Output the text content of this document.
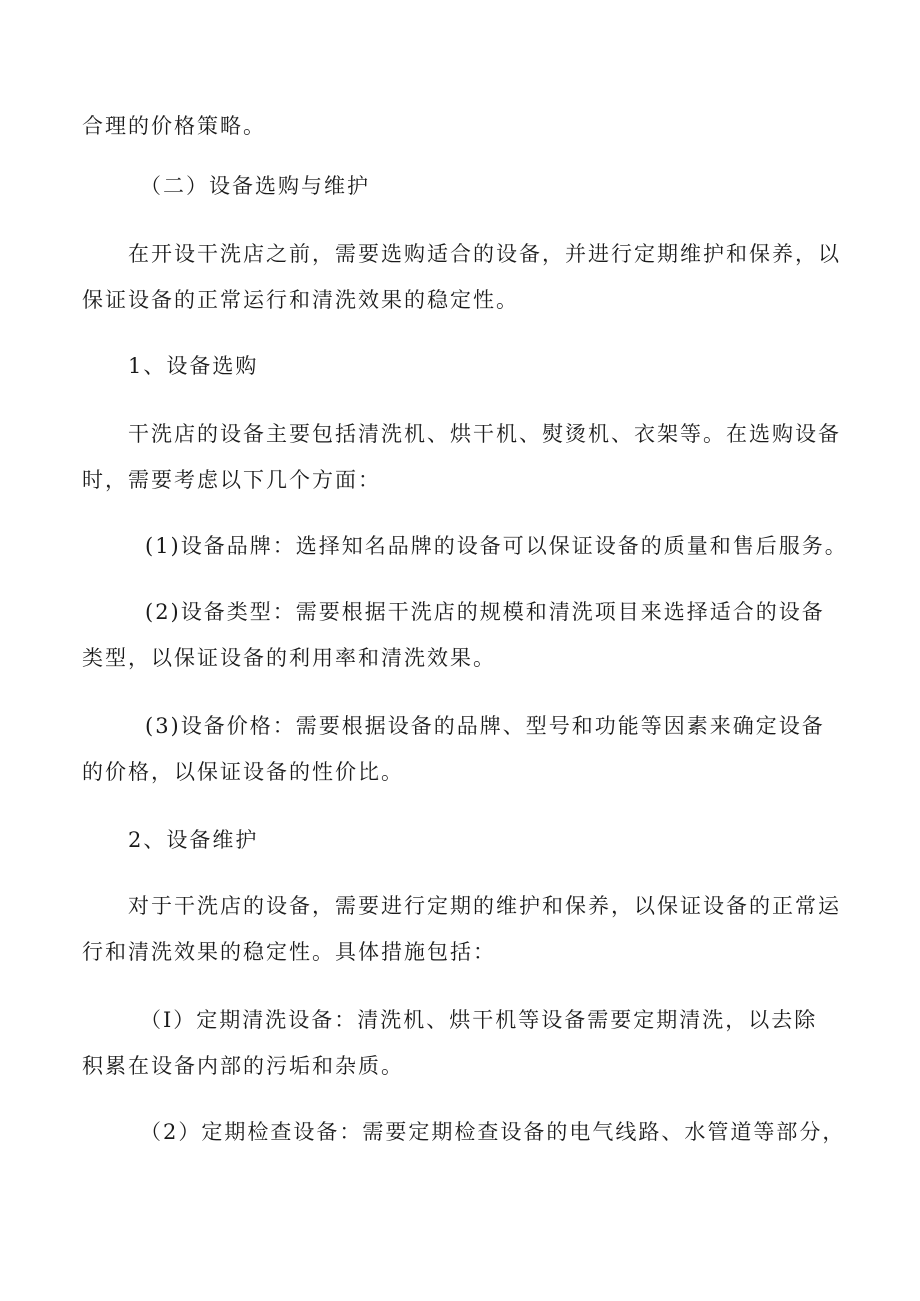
合理的价格策略。
（二）设备选购与维护
在开设干洗店之前，需要选购适合的设备，并进行定期维护和保养，以
保证设备的正常运行和清洗效果的稳定性。
1、设备选购
干洗店的设备主要包括清洗机、烘干机、熨烫机、衣架等。在选购设备
时，需要考虑以下几个方面：
(1)设备品牌：选择知名品牌的设备可以保证设备的质量和售后服务。
(2)设备类型：需要根据干洗店的规模和清洗项目来选择适合的设备
类型，以保证设备的利用率和清洗效果。
(3)设备价格：需要根据设备的品牌、型号和功能等因素来确定设备
的价格，以保证设备的性价比。
2、设备维护
对于干洗店的设备，需要进行定期的维护和保养，以保证设备的正常运
行和清洗效果的稳定性。具体措施包括：
（I）定期清洗设备：清洗机、烘干机等设备需要定期清洗，以去除
积累在设备内部的污垢和杂质。
（2）定期检查设备：需要定期检查设备的电气线路、水管道等部分，
